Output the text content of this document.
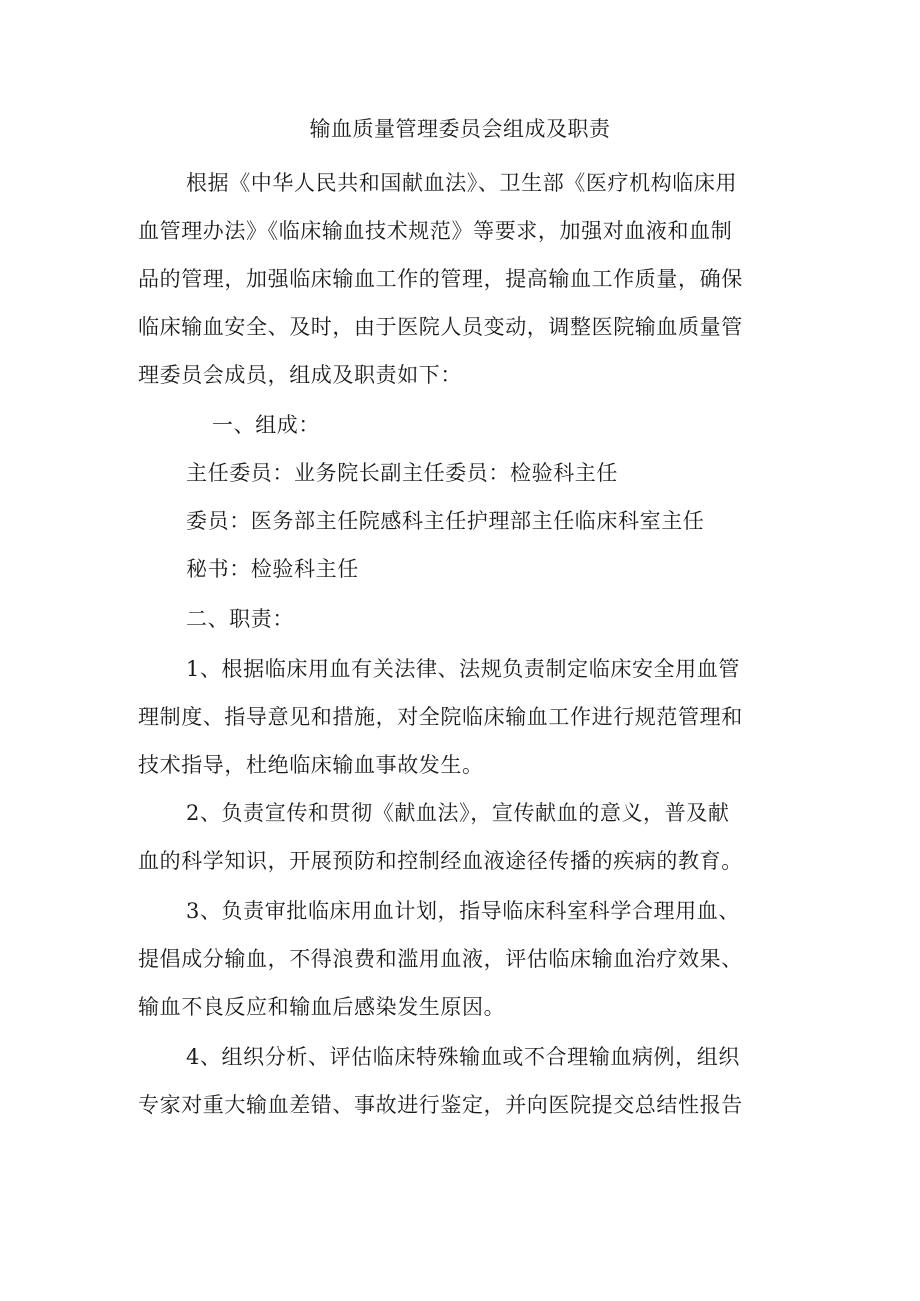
输血质量管理委员会组成及职责
根据《中华人民共和国献血法》、卫生部《医疗机构临床用
血管理办法》《临床输血技术规范》等要求，加强对血液和血制
品的管理，加强临床输血工作的管理，提高输血工作质量，确保
临床输血安全、及时，由于医院人员变动，调整医院输血质量管
理委员会成员，组成及职责如下：
一、组成：
主任委员：业务院长副主任委员：检验科主任
委员：医务部主任院感科主任护理部主任临床科室主任
秘书：检验科主任
二、职责：
1、根据临床用血有关法律、法规负责制定临床安全用血管
理制度、指导意见和措施，对全院临床输血工作进行规范管理和
技术指导，杜绝临床输血事故发生。
2、负责宣传和贯彻《献血法》，宣传献血的意义，普及献
血的科学知识，开展预防和控制经血液途径传播的疾病的教育。
3、负责审批临床用血计划，指导临床科室科学合理用血、
提倡成分输血，不得浪费和滥用血液，评估临床输血治疗效果、
输血不良反应和输血后感染发生原因。
4、组织分析、评估临床特殊输血或不合理输血病例，组织
专家对重大输血差错、事故进行鉴定，并向医院提交总结性报告
